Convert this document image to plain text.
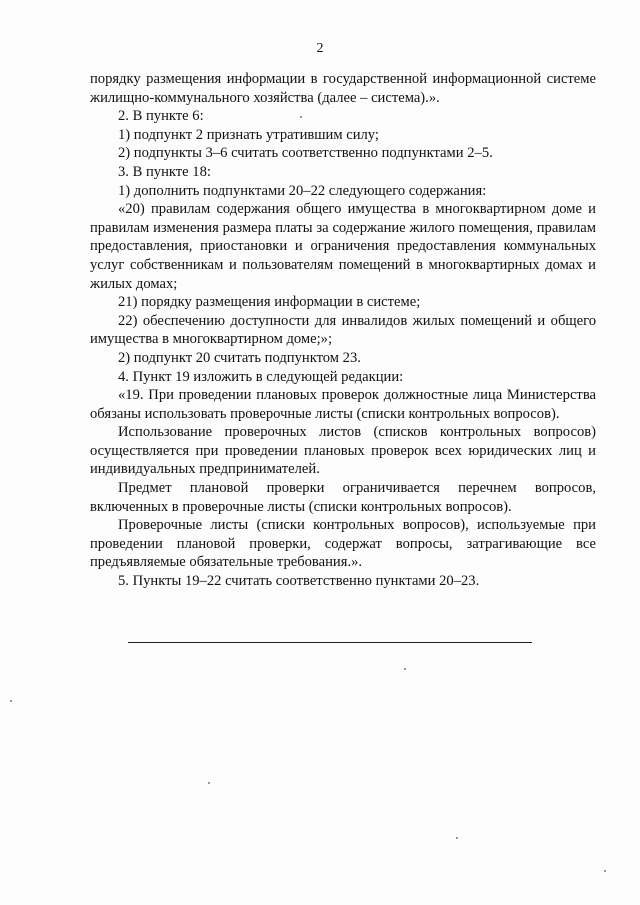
2

порядку размещения информации в государственной информационной системе жилищно-коммунального хозяйства (далее – система).».

2. В пункте 6:

1) подпункт 2 признать утратившим силу;

2) подпункты 3–6 считать соответственно подпунктами 2–5.

3. В пункте 18:

1) дополнить подпунктами 20–22 следующего содержания:

«20) правилам содержания общего имущества в многоквартирном доме и правилам изменения размера платы за содержание жилого помещения, правилам предоставления, приостановки и ограничения предоставления коммунальных услуг собственникам и пользователям помещений в многоквартирных домах и жилых домах;

21) порядку размещения информации в системе;

22) обеспечению доступности для инвалидов жилых помещений и общего имущества в многоквартирном доме;»;

2) подпункт 20 считать подпунктом 23.

4. Пункт 19 изложить в следующей редакции:

«19. При проведении плановых проверок должностные лица Министерства обязаны использовать проверочные листы (списки контрольных вопросов).

Использование проверочных листов (списков контрольных вопросов) осуществляется при проведении плановых проверок всех юридических лиц и индивидуальных предпринимателей.

Предмет плановой проверки ограничивается перечнем вопросов, включенных в проверочные листы (списки контрольных вопросов).

Проверочные листы (списки контрольных вопросов), используемые при проведении плановой проверки, содержат вопросы, затрагивающие все предъявляемые обязательные требования.».

5. Пункты 19–22 считать соответственно пунктами 20–23.
